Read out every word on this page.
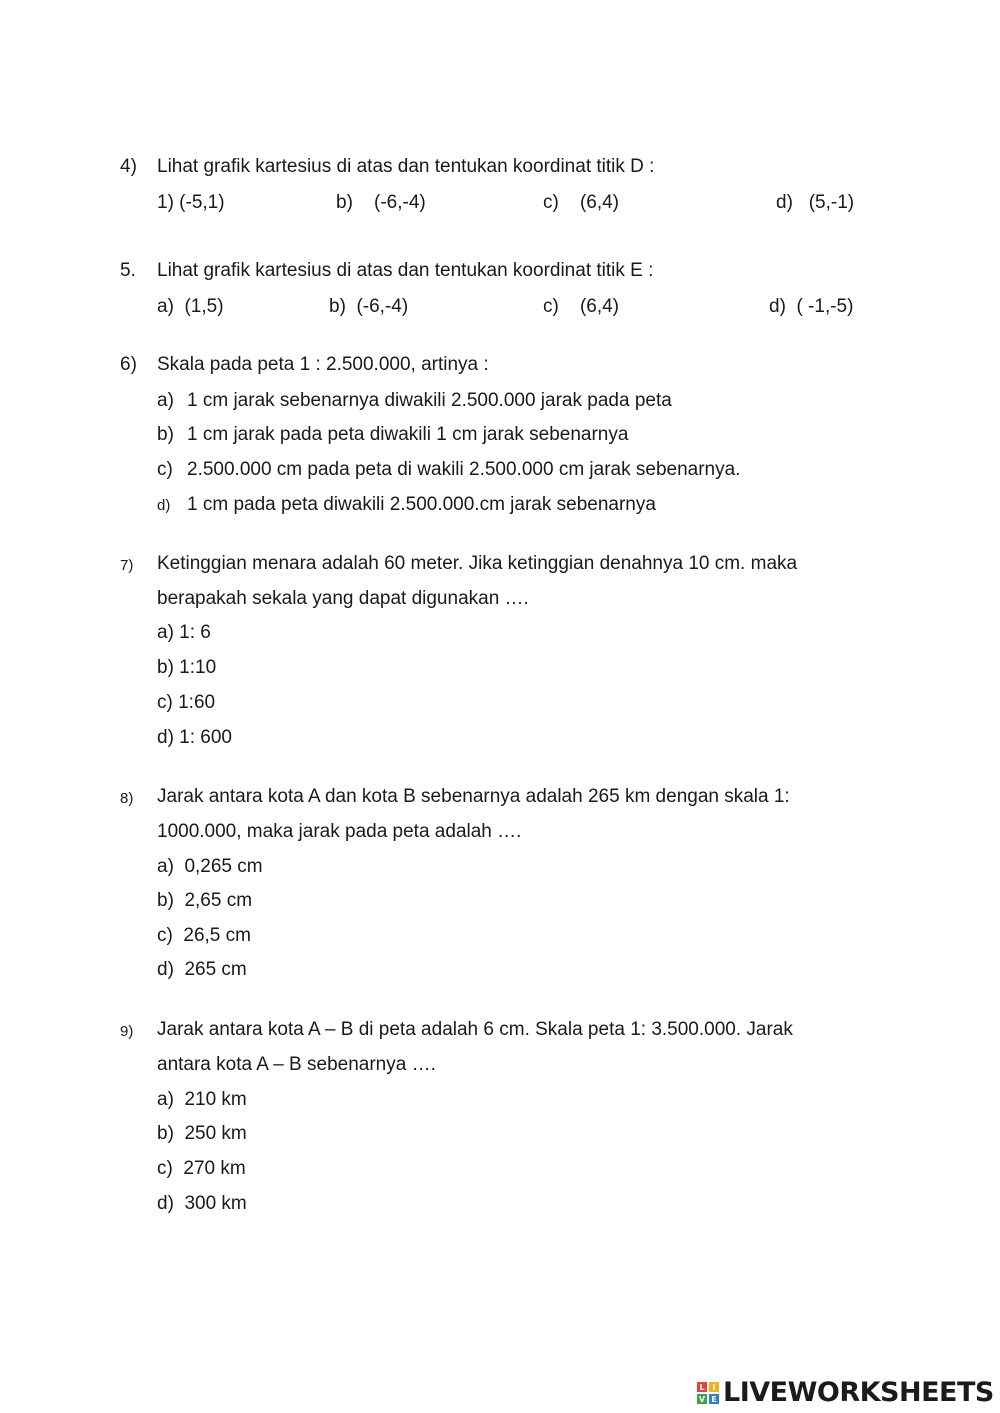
4) Lihat grafik kartesius di atas dan tentukan koordinat titik D :
1) (-5,1)	b)    (-6,-4)	c)    (6,4)	d)   (5,-1)
5. Lihat grafik kartesius di atas dan tentukan koordinat titik E :
a)  (1,5)	b)  (-6,-4)	c)    (6,4)	d)  ( -1,-5)
6) Skala pada peta 1 : 2.500.000, artinya :
a) 1 cm jarak sebenarnya diwakili 2.500.000 jarak pada peta
b) 1 cm jarak pada peta diwakili 1 cm jarak sebenarnya
c) 2.500.000 cm pada peta di wakili 2.500.000 cm jarak sebenarnya.
d) 1 cm pada peta diwakili 2.500.000.cm jarak sebenarnya
7) Ketinggian menara adalah 60 meter. Jika ketinggian denahnya 10 cm. maka
berapakah sekala yang dapat digunakan ….
a) 1: 6
b) 1:10
c) 1:60
d) 1: 600
8) Jarak antara kota A dan kota B sebenarnya adalah 265 km dengan skala 1:
1000.000, maka jarak pada peta adalah ….
a)  0,265 cm
b)  2,65 cm
c)  26,5 cm
d)  265 cm
9) Jarak antara kota A – B di peta adalah 6 cm. Skala peta 1: 3.500.000. Jarak
antara kota A – B sebenarnya ….
a)  210 km
b)  250 km
c)  270 km
d)  300 km
L I
V E LIVEWORKSHEETS
